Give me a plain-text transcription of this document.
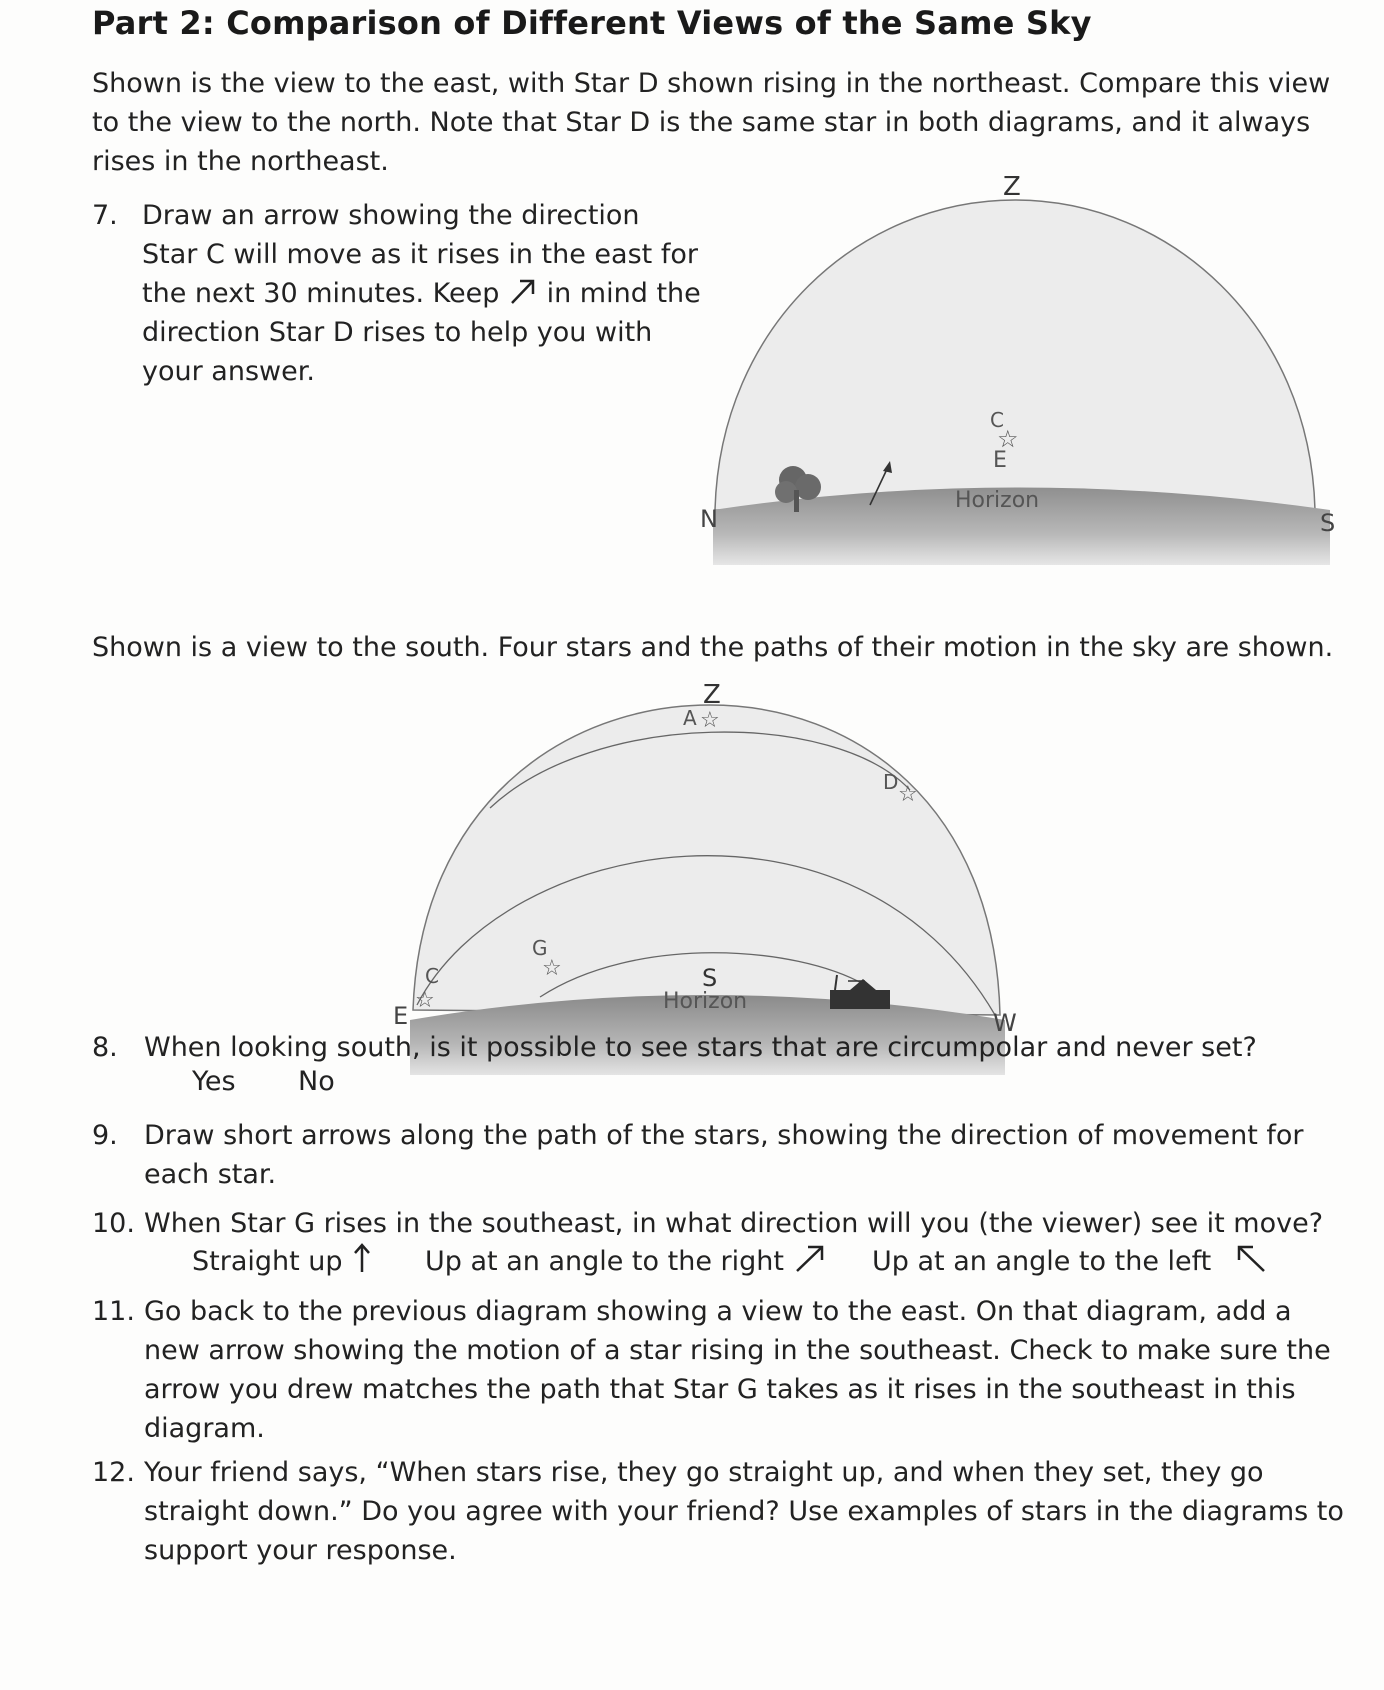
Part 2: Comparison of Different Views of the Same Sky
Shown is the view to the east, with Star D shown rising in the northeast. Compare this view to the view to the north. Note that Star D is the same star in both diagrams, and it always rises in the northeast.
7. Draw an arrow showing the direction Star C will move as it rises in the east for the next 30 minutes. Keep in mind the direction Star D rises to help you with your answer.
Z
N	S
Horizon
C
☆
E
Shown is a view to the south. Four stars and the paths of their motion in the sky are shown.
Z
A ☆
D ☆
C
☆
G
☆
E	W
S
Horizon
8. When looking south, is it possible to see stars that are circumpolar and never set?
Yes No
9. Draw short arrows along the path of the stars, showing the direction of movement for each star.
10. When Star G rises in the southeast, in what direction will you (the viewer) see it move?
Straight up	Up at an angle to the right	Up at an angle to the left
11. Go back to the previous diagram showing a view to the east. On that diagram, add a new arrow showing the motion of a star rising in the southeast. Check to make sure the arrow you drew matches the path that Star G takes as it rises in the southeast in this diagram.
12. Your friend says, “When stars rise, they go straight up, and when they set, they go straight down.” Do you agree with your friend? Use examples of stars in the diagrams to support your response.
